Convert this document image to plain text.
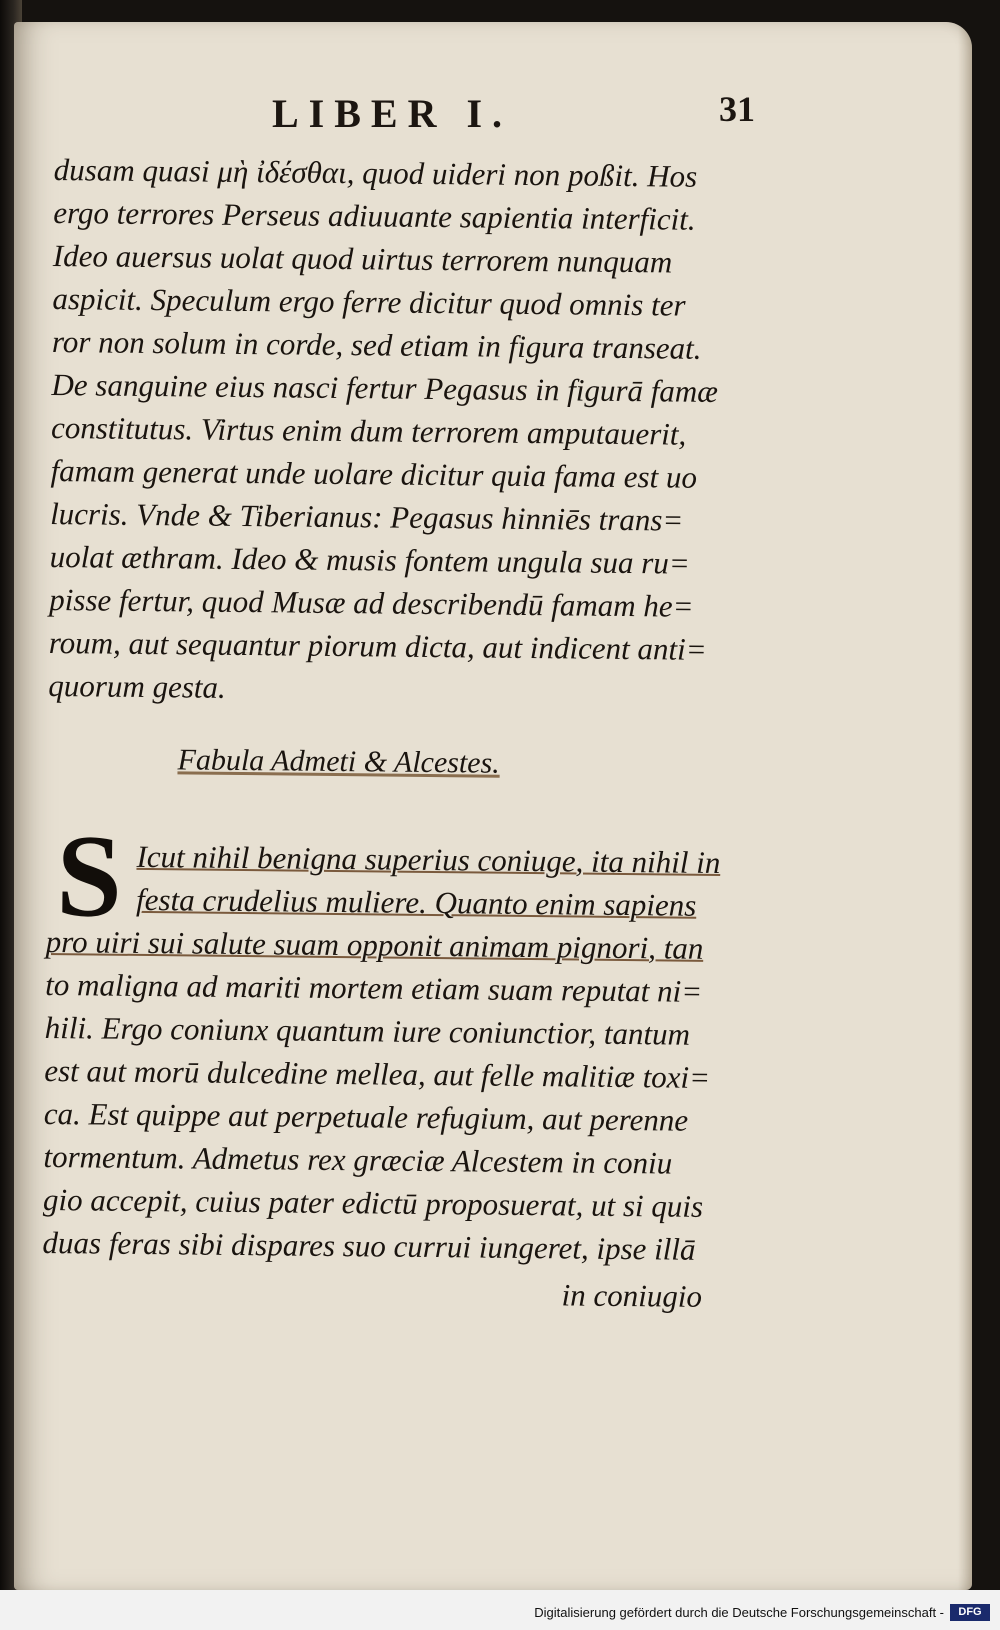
LIBER I.	31
dusam quasi μὴ ἰδέσθαι, quod uideri non poßit. Hos
ergo terrores Perseus adiuuante sapientia interficit.
Ideo auersus uolat quod uirtus terrorem nunquam
aspicit. Speculum ergo ferre dicitur quod omnis ter
ror non solum in corde, sed etiam in figura transeat.
De sanguine eius nasci fertur Pegasus in figurā famæ
constitutus. Virtus enim dum terrorem amputauerit,
famam generat unde uolare dicitur quia fama est uo
lucris. Vnde & Tiberianus: Pegasus hinniēs trans=
uolat æthram. Ideo & musis fontem ungula sua ru=
pisse fertur, quod Musæ ad describendū famam he=
roum, aut sequantur piorum dicta, aut indicent anti=
quorum gesta.
Fabula Admeti & Alcestes.
S Icut nihil benigna superius coniuge, ita nihil in
festa crudelius muliere. Quanto enim sapiens
pro uiri sui salute suam opponit animam pignori, tan
to maligna ad mariti mortem etiam suam reputat ni=
hili. Ergo coniunx quantum iure coniunctior, tantum
est aut morū dulcedine mellea, aut felle malitiæ toxi=
ca. Est quippe aut perpetuale refugium, aut perenne
tormentum. Admetus rex græciæ Alcestem in coniu
gio accepit, cuius pater edictū proposuerat, ut si quis
duas feras sibi dispares suo currui iungeret, ipse illā
in coniugio
Digitalisierung gefördert durch die Deutsche Forschungsgemeinschaft -	DFG
